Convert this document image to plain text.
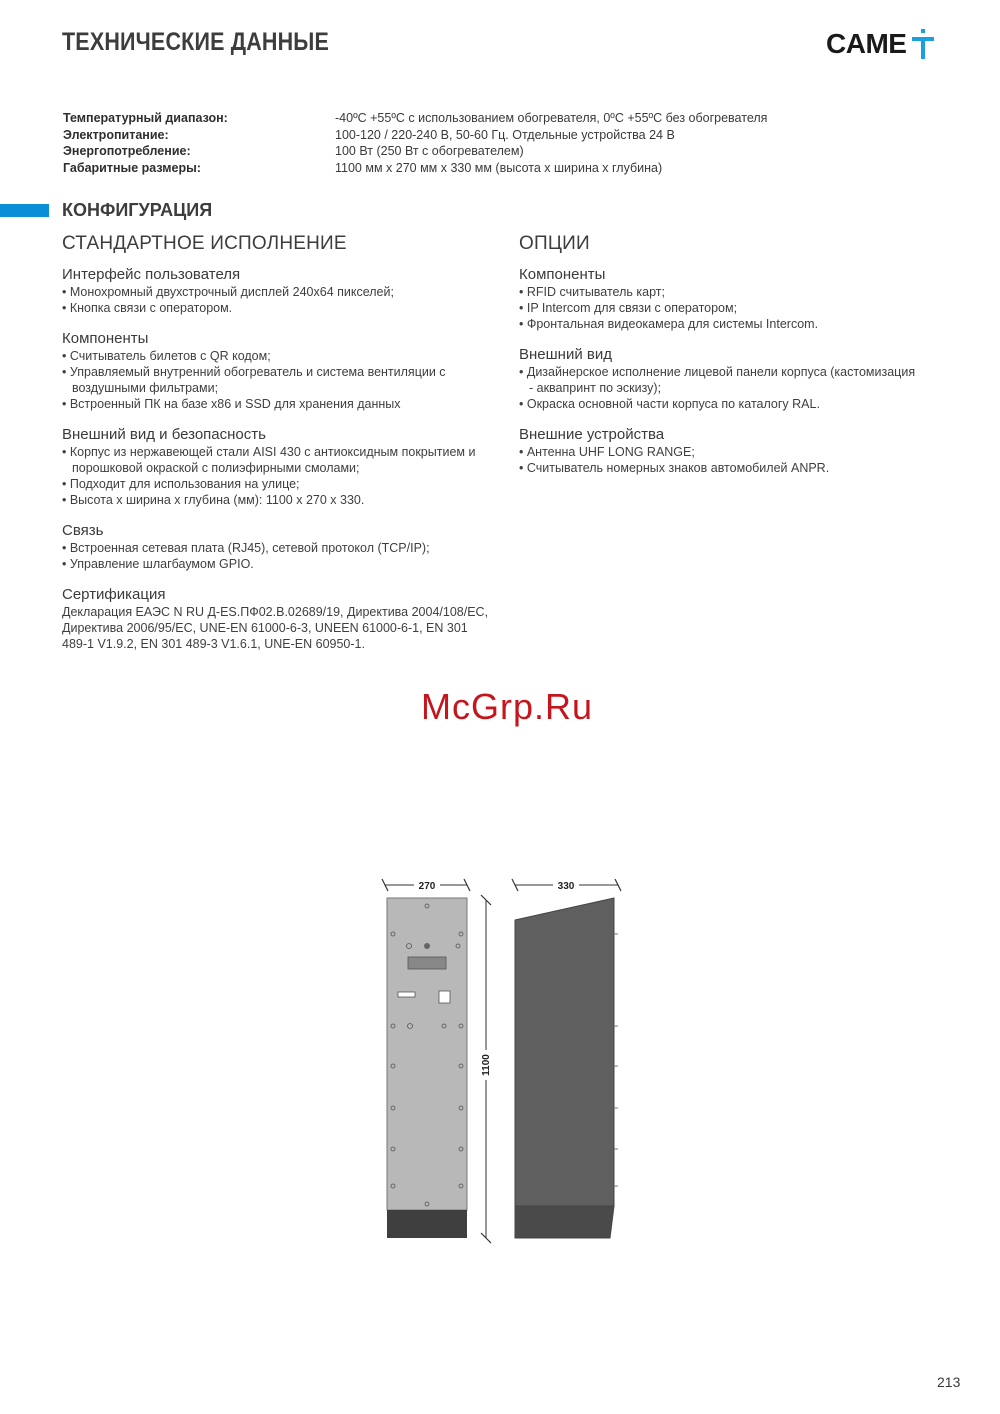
ТЕХНИЧЕСКИЕ ДАННЫЕ	CAME
Температурный диапазон:	-40ºC +55ºC с использованием обогревателя, 0ºC +55ºC без обогревателя
Электропитание:	100-120 / 220-240 В, 50-60 Гц. Отдельные устройства 24 В
Энергопотребление:	100 Вт (250 Вт с обогревателем)
Габаритные размеры:	1100 мм x 270 мм x 330 мм (высота x ширина x глубина)
КОНФИГУРАЦИЯ
СТАНДАРТНОЕ ИСПОЛНЕНИЕ

Интерфейс пользователя

• Монохромный двухстрочный дисплей 240x64 пикселей;
• Кнопка связи с оператором.

Компоненты

• Считыватель билетов с QR кодом;
• Управляемый внутренний обогреватель и система вентиляции с воздушными фильтрами;
• Встроенный ПК на базе x86 и SSD для хранения данных

Внешний вид и безопасность

• Корпус из нержавеющей стали AISI 430 с антиоксидным покрытием и порошковой окраской с полиэфирными смолами;
• Подходит для использования на улице;
• Высота x ширина x глубина (мм): 1100 x 270 x 330.

Связь

• Встроенная сетевая плата (RJ45), сетевой протокол (TCP/IP);
• Управление шлагбаумом GPIO.

Сертификация

Декларация ЕАЭС N RU Д-ES.ПФ02.В.02689/19, Директива 2004/108/EC, Директива 2006/95/EC, UNE-EN 61000-6-3, UNEEN 61000-6-1, EN 301 489-1 V1.9.2, EN 301 489-3 V1.6.1, UNE-EN 60950-1.
ОПЦИИ

Компоненты

• RFID считыватель карт;
• IP Intercom для связи с оператором;
• Фронтальная видеокамера для системы Intercom.

Внешний вид

• Дизайнерское исполнение лицевой панели корпуса (кастомизация - аквапринт по эскизу);
• Окраска основной части корпуса по каталогу RAL.

Внешние устройства

• Антенна UHF LONG RANGE;
• Считыватель номерных знаков автомобилей ANPR.
McGrp.Ru
270	330
1100
213
